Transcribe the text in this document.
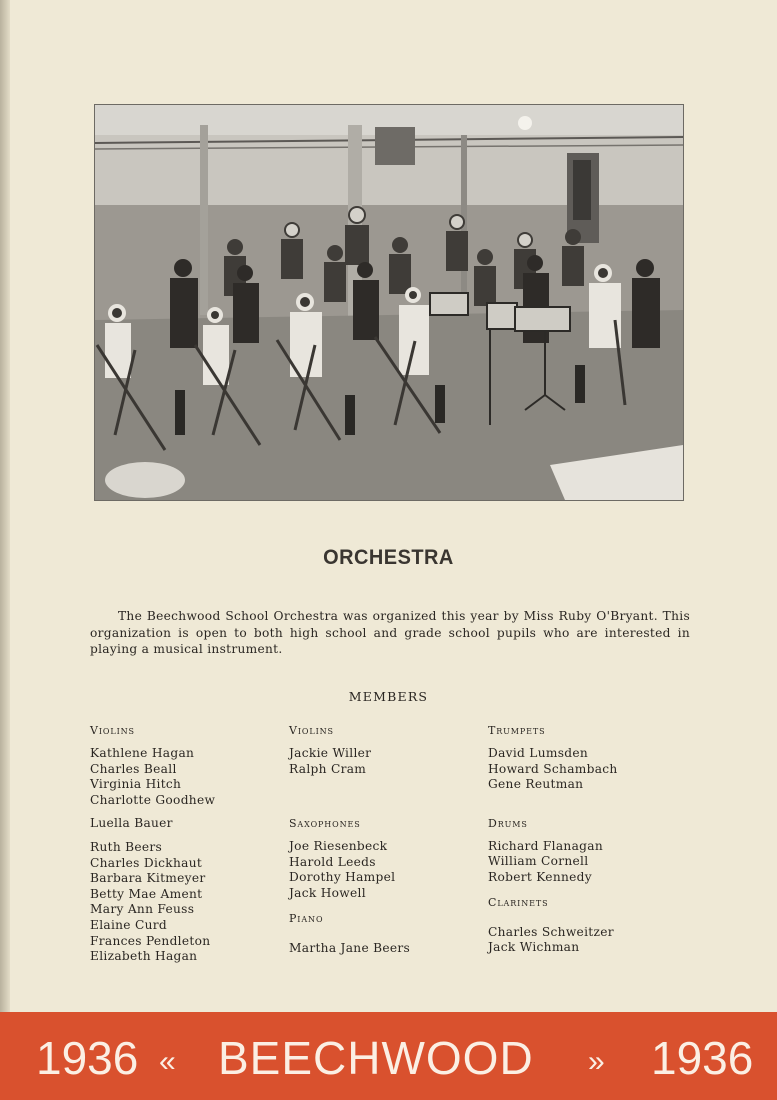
ORCHESTRA
The Beechwood School Orchestra was organized this year by Miss Ruby O'Bryant. This organization is open to both high school and grade school pupils who are interested in playing a musical instrument.
MEMBERS
Violins
Kathlene Hagan
Charles Beall
Virginia Hitch
Charlotte Goodhew
Luella Bauer
Ruth Beers
Charles Dickhaut
Barbara Kitmeyer
Betty Mae Ament
Mary Ann Feuss
Elaine Curd
Frances Pendleton
Elizabeth Hagan
Violins
Jackie Willer
Ralph Cram
Saxophones
Joe Riesenbeck
Harold Leeds
Dorothy Hampel
Jack Howell
Piano
Martha Jane Beers
Trumpets
David Lumsden
Howard Schambach
Gene Reutman
Drums
Richard Flanagan
William Cornell
Robert Kennedy
Clarinets
Charles Schweitzer
Jack Wichman
1936 « BEECHWOOD » 1936
